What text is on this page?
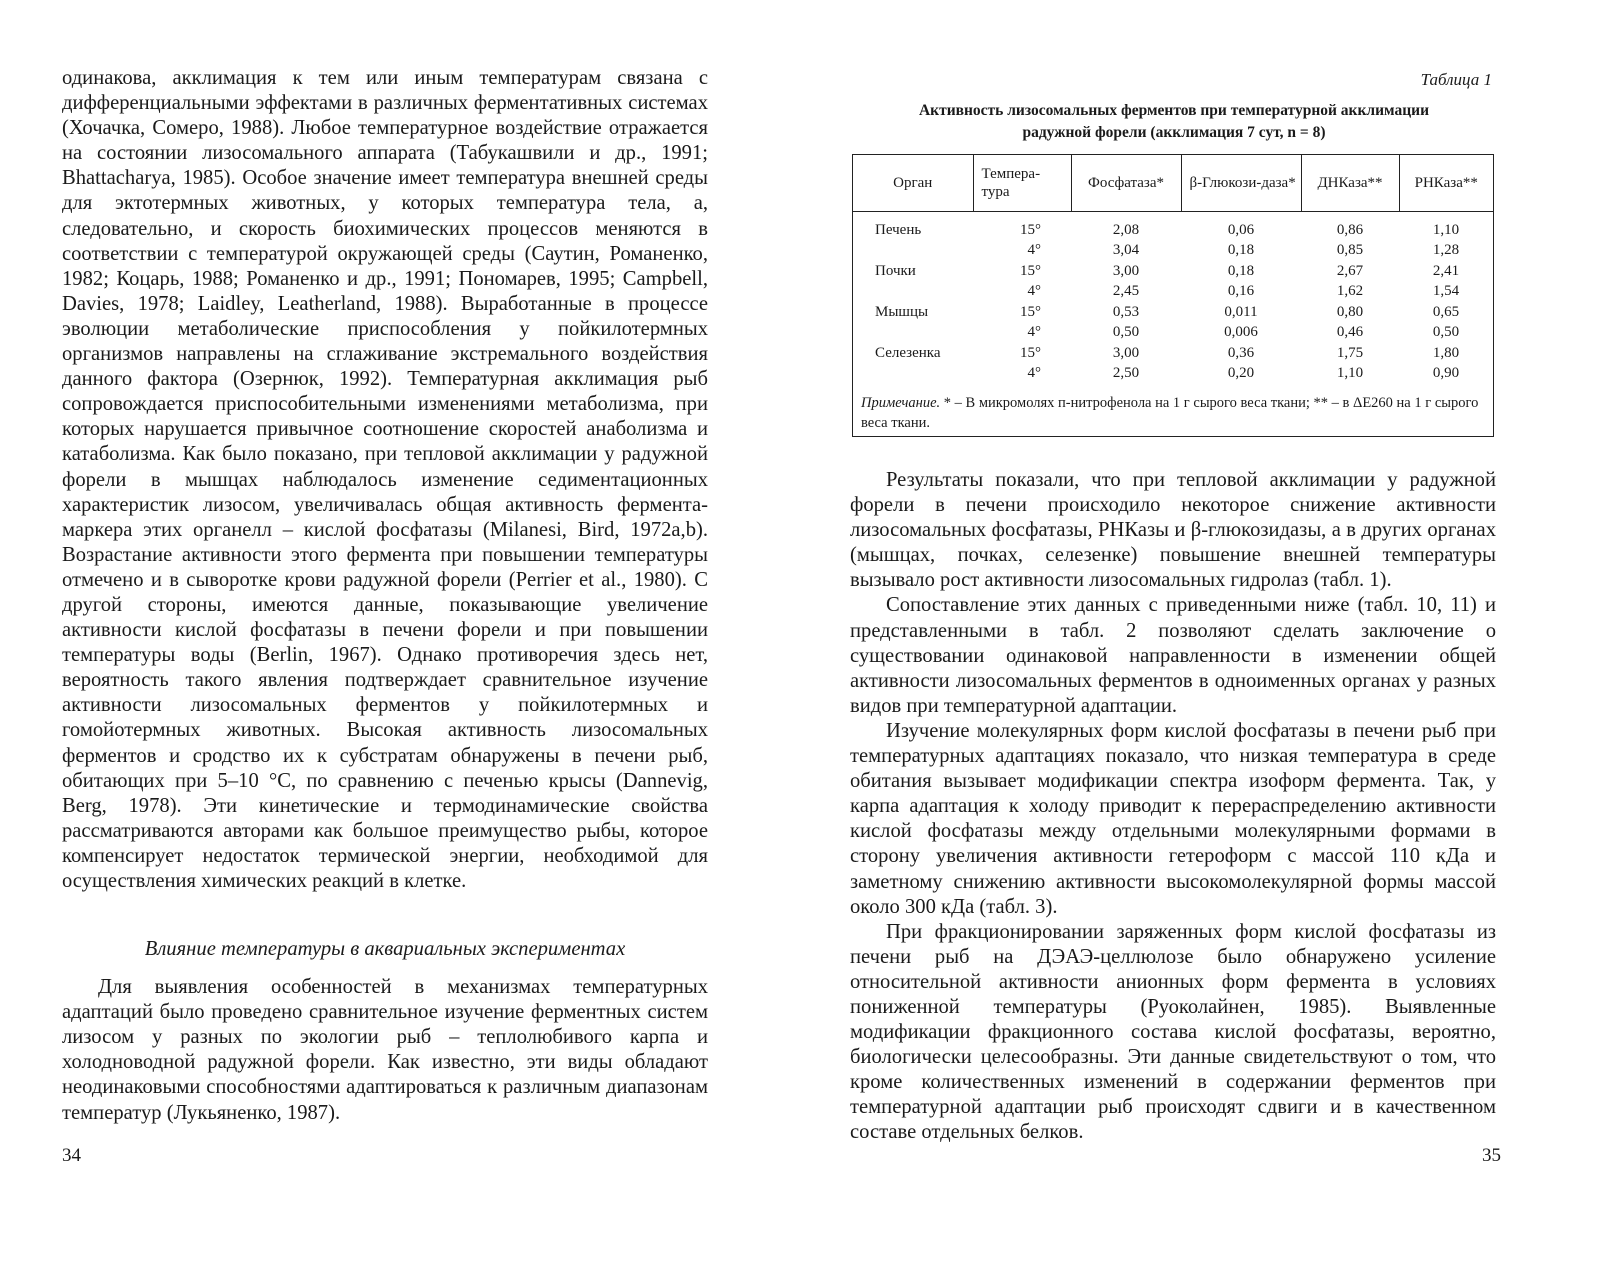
одинакова, акклимация к тем или иным температурам связана с дифференциальными эффектами в различных ферментативных системах (Хочачка, Сомеро, 1988). Любое температурное воздействие отражается на состоянии лизосомального аппарата (Табукашвили и др., 1991; Bhattacharya, 1985). Особое значение имеет температура внешней среды для эктотермных животных, у которых температура тела, а, следовательно, и скорость биохимических процессов меняются в соответствии с температурой окружающей среды (Саутин, Романенко, 1982; Коцарь, 1988; Романенко и др., 1991; Пономарев, 1995; Campbell, Davies, 1978; Laidley, Leatherland, 1988). Выработанные в процессе эволюции метаболические приспособления у пойкилотермных организмов направлены на сглаживание экстремального воздействия данного фактора (Озернюк, 1992). Температурная акклимация рыб сопровождается приспособительными изменениями метаболизма, при которых нарушается привычное соотношение скоростей анаболизма и катаболизма. Как было показано, при тепловой акклимации у радужной форели в мышцах наблюдалось изменение седиментационных характеристик лизосом, увеличивалась общая активность фермента-маркера этих органелл – кислой фосфатазы (Milanesi, Bird, 1972a,b). Возрастание активности этого фермента при повышении температуры отмечено и в сыворотке крови радужной форели (Perrier et al., 1980). С другой стороны, имеются данные, показывающие увеличение активности кислой фосфатазы в печени форели и при повышении температуры воды (Berlin, 1967). Однако противоречия здесь нет, вероятность такого явления подтверждает сравнительное изучение активности лизосомальных ферментов у пойкилотермных и гомойотермных животных. Высокая активность лизосомальных ферментов и сродство их к субстратам обнаружены в печени рыб, обитающих при 5–10 °С, по сравнению с печенью крысы (Dannevig, Berg, 1978). Эти кинетические и термодинамические свойства рассматриваются авторами как большое преимущество рыбы, которое компенсирует недостаток термической энергии, необходимой для осуществления химических реакций в клетке.

Влияние температуры в аквариальных экспериментах

Для выявления особенностей в механизмах температурных адаптаций было проведено сравнительное изучение ферментных систем лизосом у разных по экологии рыб – теплолюбивого карпа и холодноводной радужной форели. Как известно, эти виды обладают неодинаковыми способностями адаптироваться к различным диапазонам температур (Лукьяненко, 1987).

34
Таблица 1
Активность лизосомальных ферментов при температурной акклимации
радужной форели (акклимация 7 сут, n = 8)
Орган	Темпера-тура	Фосфатаза*	β-Глюкози-даза*	ДНКаза**	РНКаза**
Печень	15°	2,08	0,06	0,86	1,10
	4°	3,04	0,18	0,85	1,28
Почки	15°	3,00	0,18	2,67	2,41
	4°	2,45	0,16	1,62	1,54
Мышцы	15°	0,53	0,011	0,80	0,65
	4°	0,50	0,006	0,46	0,50
Селезенка	15°	3,00	0,36	1,75	1,80
	4°	2,50	0,20	1,10	0,90
Примечание. * – В микромолях п-нитрофенола на 1 г сырого веса ткани; ** – в ΔE260 на 1 г сырого веса ткани.

Результаты показали, что при тепловой акклимации у радужной форели в печени происходило некоторое снижение активности лизосомальных фосфатазы, РНКазы и β-глюкозидазы, а в других органах (мышцах, почках, селезенке) повышение внешней температуры вызывало рост активности лизосомальных гидролаз (табл. 1).

Сопоставление этих данных с приведенными ниже (табл. 10, 11) и представленными в табл. 2 позволяют сделать заключение о существовании одинаковой направленности в изменении общей активности лизосомальных ферментов в одноименных органах у разных видов при температурной адаптации.

Изучение молекулярных форм кислой фосфатазы в печени рыб при температурных адаптациях показало, что низкая температура в среде обитания вызывает модификации спектра изоформ фермента. Так, у карпа адаптация к холоду приводит к перераспределению активности кислой фосфатазы между отдельными молекулярными формами в сторону увеличения активности гетероформ с массой 110 кДа и заметному снижению активности высокомолекулярной формы массой около 300 кДа (табл. 3).

При фракционировании заряженных форм кислой фосфатазы из печени рыб на ДЭАЭ-целлюлозе было обнаружено усиление относительной активности анионных форм фермента в условиях пониженной температуры (Руоколайнен, 1985). Выявленные модификации фракционного состава кислой фосфатазы, вероятно, биологически целесообразны. Эти данные свидетельствуют о том, что кроме количественных изменений в содержании ферментов при температурной адаптации рыб происходят сдвиги и в качественном составе отдельных белков.

35
